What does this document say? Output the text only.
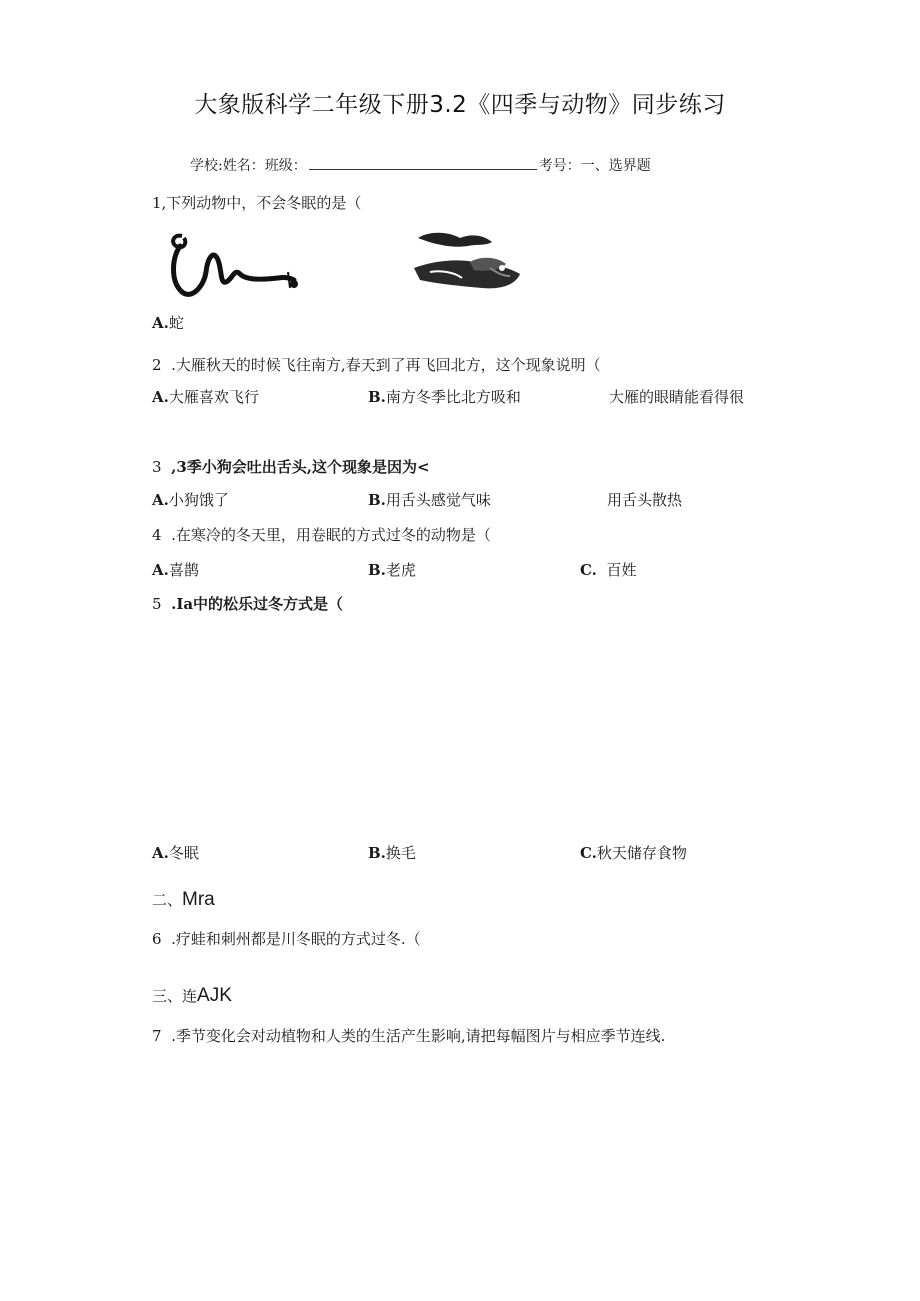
大象版科学二年级下册3.2《四季与动物》同步练习
学校:姓名：班级：	考号：一、选界题
1,下列动物中，不会冬眠的是（
A.蛇
2 .大雁秋天的时候飞往南方,春天到了再飞回北方，这个现象说明（
A.大雁喜欢飞行	B.南方冬季比北方吸和	大雁的眼睛能看得很
3 ,3季小狗会吐出舌头,这个现象是因为<
A.小狗饿了	B.用舌头感觉气味	用舌头散热
4 .在寒冷的冬天里，用卷眠的方式过冬的动物是（
A.喜鹊	B.老虎	C. 百姓
5 .Ia中的松乐过冬方式是（
A.冬眠	B.换毛	C.秋天储存食物
二、Mra
6 .疗蛙和刺州都是川冬眠的方式过冬.（
三、连AJK
7 .季节变化会对动植物和人类的生活产生影响,请把每幅图片与相应季节连线.
